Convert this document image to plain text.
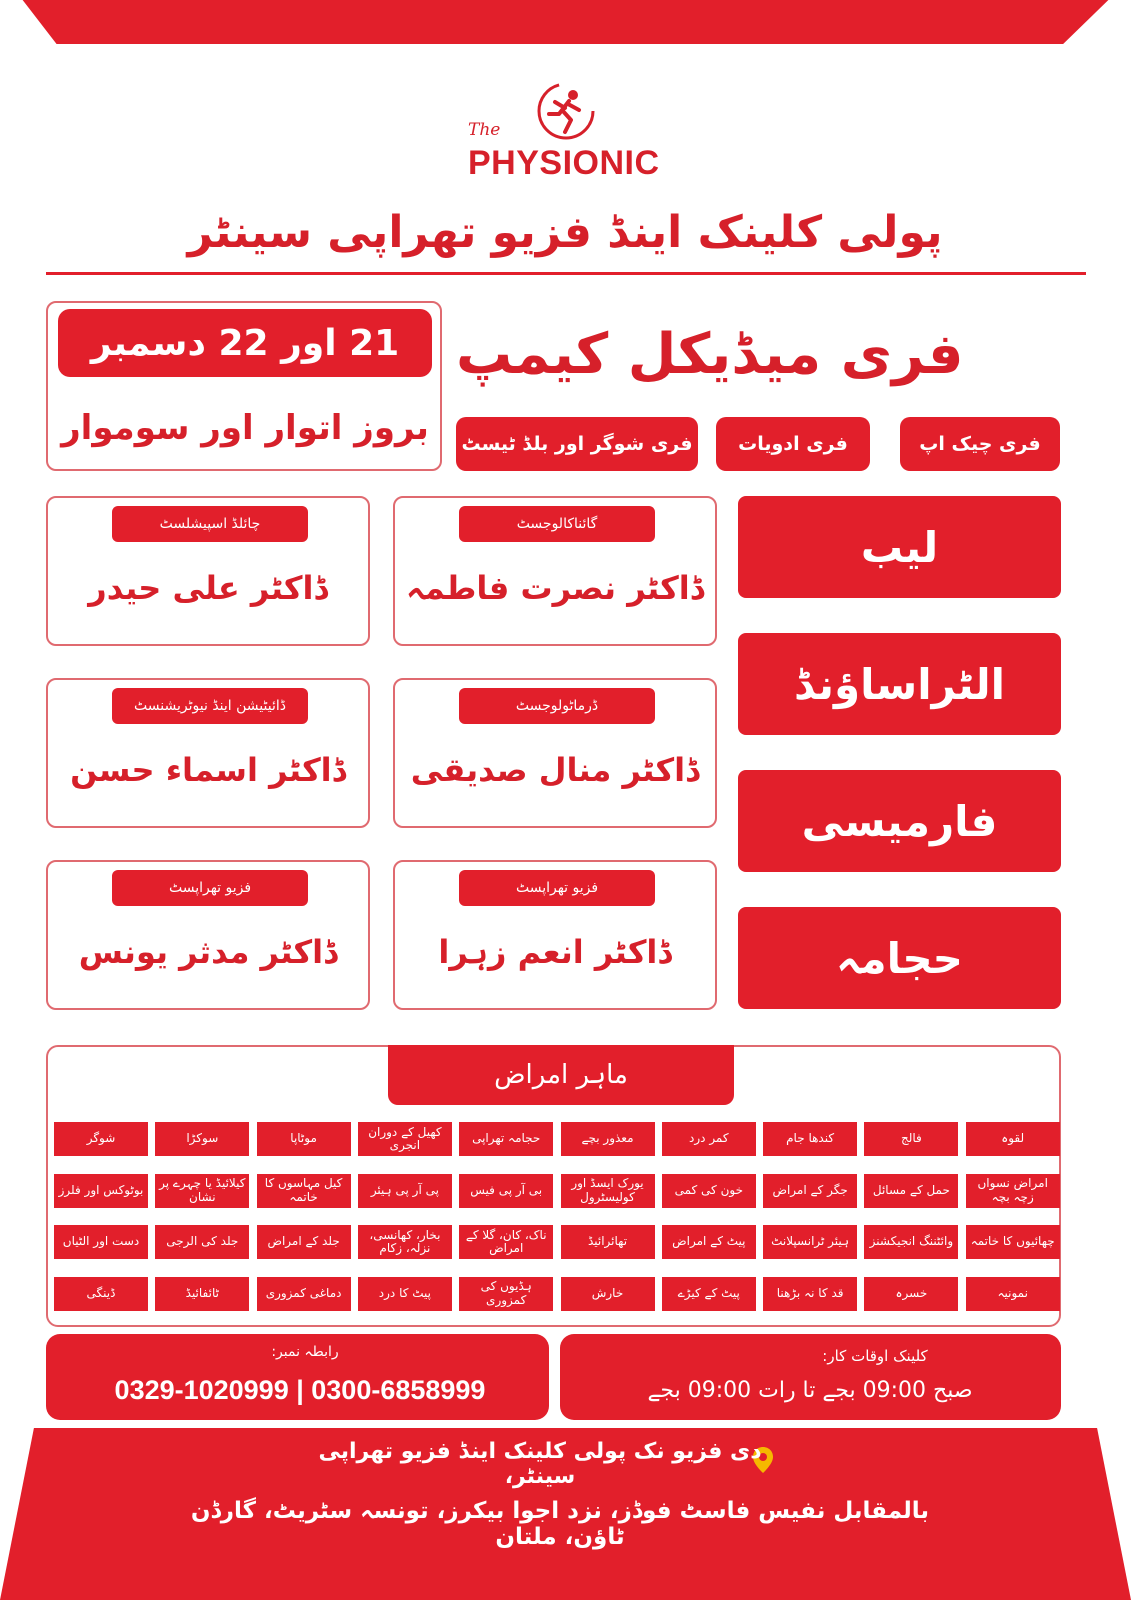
The
PHYSIONIC
پولی کلینک اینڈ فزیو تھراپی سینٹر
21 اور 22 دسمبر
بروز اتوار اور سوموار
فری میڈیکل کیمپ
فری چیک اپ
فری ادویات
فری شوگر اور بلڈ ٹیسٹ
گائناکالوجسٹ
ڈاکٹر نصرت فاطمہ
چائلڈ اسپیشلسٹ
ڈاکٹر علی حیدر
ڈرماٹولوجسٹ
ڈاکٹر منال صدیقی
ڈائیٹیشن اینڈ نیوٹریشنسٹ
ڈاکٹر اسماء حسن
فزیو تھراپسٹ
ڈاکٹر انعم زہرا
فزیو تھراپسٹ
ڈاکٹر مدثر یونس
لیب
الٹراساؤنڈ
فارمیسی
حجامہ
ماہر امراض
لقوہ
فالج
کندھا جام
کمر درد
معذور بچے
حجامہ تھراپی
کھیل کے دوران انجری
موٹاپا
سوکڑا
شوگر
امراض نسواں زچہ بچہ
حمل کے مسائل
جگر کے امراض
خون کی کمی
یورک ایسڈ اور کولیسٹرول
بی آر پی فیس
پی آر پی ہیئر
کیل مہاسوں کا خاتمہ
کیلائیڈ یا چہرے پر نشان
بوٹوکس اور فلرز
چھائیوں کا خاتمہ
وائٹننگ انجیکشنز
ہیئر ٹرانسپلانٹ
پیٹ کے امراض
تھائرائیڈ
ناک، کان، گلا کے امراض
بخار، کھانسی، نزلہ، زکام
جلد کے امراض
جلد کی الرجی
دست اور الٹیاں
نمونیہ
خسرہ
قد کا نہ بڑھنا
پیٹ کے کیڑے
خارش
ہڈیوں کی کمزوری
پیٹ کا درد
دماغی کمزوری
ٹائفائیڈ
ڈینگی
رابطہ نمبر:
0329-1020999 | 0300-6858999
کلینک اوقات کار:
صبح 09:00 بجے تا رات 09:00 بجے
دی فزیو نک پولی کلینک اینڈ فزیو تھراپی سینٹر،
بالمقابل نفیس فاسٹ فوڈز، نزد اجوا بیکرز، تونسہ سٹریٹ، گارڈن ٹاؤن، ملتان
